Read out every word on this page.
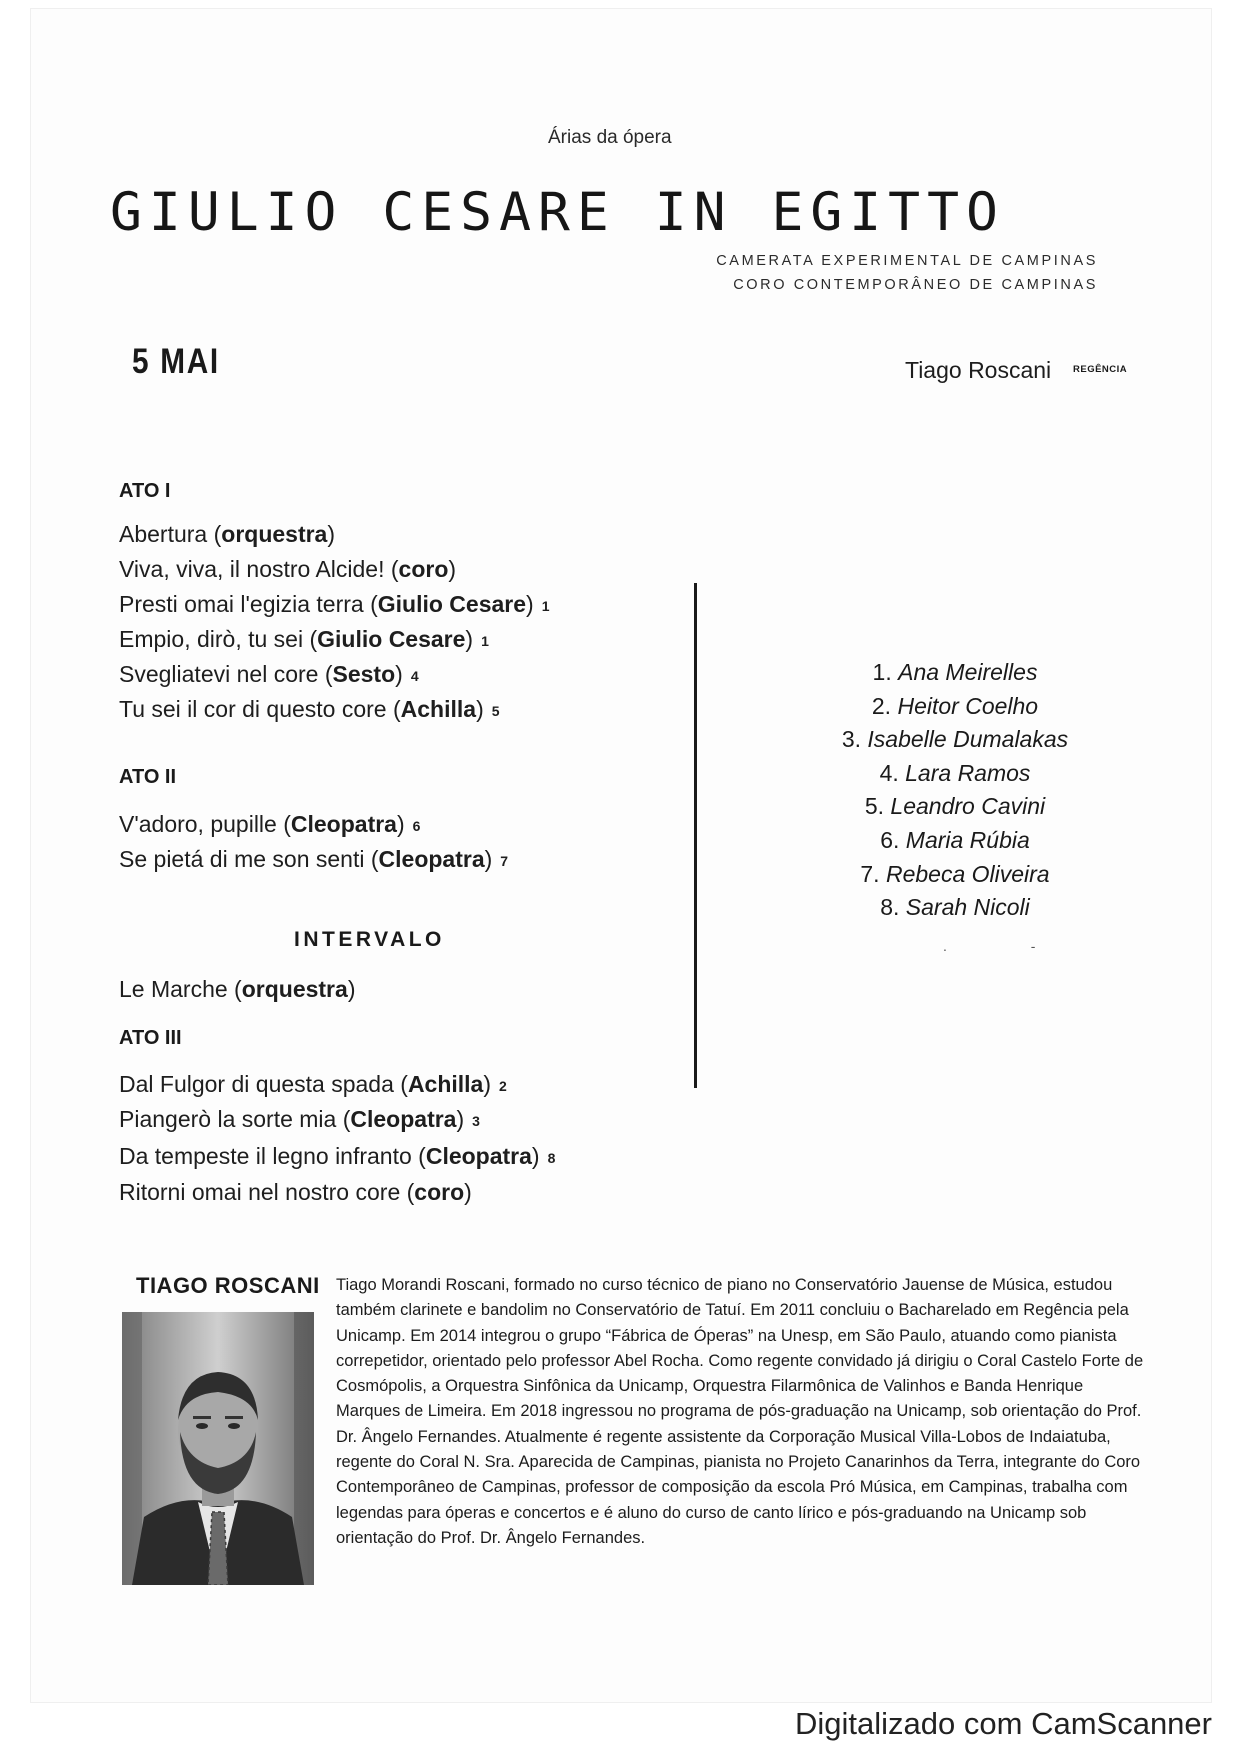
Árias da ópera
GIULIO CESARE IN EGITTO
CAMERATA EXPERIMENTAL DE CAMPINAS
CORO CONTEMPORÂNEO DE CAMPINAS
5 MAI	Tiago Roscani REGÊNCIA
ATO I
Abertura (orquestra)
Viva, viva, il nostro Alcide! (coro)
Presti omai l'egizia terra (Giulio Cesare) 1
Empio, dirò, tu sei (Giulio Cesare) 1
Svegliatevi nel core (Sesto) 4
Tu sei il cor di questo core (Achilla) 5
ATO II
V'adoro, pupille (Cleopatra) 6
Se pietá di me son senti (Cleopatra) 7
INTERVALO
Le Marche (orquestra)
ATO III
Dal Fulgor di questa spada (Achilla) 2
Piangerò la sorte mia (Cleopatra) 3
Da tempeste il legno infranto (Cleopatra) 8
Ritorni omai nel nostro core (coro)
1. Ana Meirelles
2. Heitor Coelho
3. Isabelle Dumalakas
4. Lara Ramos
5. Leandro Cavini
6. Maria Rúbia
7. Rebeca Oliveira
8. Sarah Nicoli
. -
TIAGO ROSCANI Tiago Morandi Roscani, formado no curso técnico de piano no Conservatório Jauense de Música, estudou também clarinete e bandolim no Conservatório de Tatuí. Em 2011 concluiu o Bacharelado em Regência pela Unicamp. Em 2014 integrou o grupo “Fábrica de Óperas” na Unesp, em São Paulo, atuando como pianista correpetidor, orientado pelo professor Abel Rocha. Como regente convidado já dirigiu o Coral Castelo Forte de Cosmópolis, a Orquestra Sinfônica da Unicamp, Orquestra Filarmônica de Valinhos e Banda Henrique Marques de Limeira. Em 2018 ingressou no programa de pós-graduação na Unicamp, sob orientação do Prof. Dr. Ângelo Fernandes. Atualmente é regente assistente da Corporação Musical Villa-Lobos de Indaiatuba, regente do Coral N. Sra. Aparecida de Campinas, pianista no Projeto Canarinhos da Terra, integrante do Coro Contemporâneo de Campinas, professor de composição da escola Pró Música, em Campinas, trabalha com legendas para óperas e concertos e é aluno do curso de canto lírico e pós-graduando na Unicamp sob orientação do Prof. Dr. Ângelo Fernandes.
Digitalizado com CamScanner
